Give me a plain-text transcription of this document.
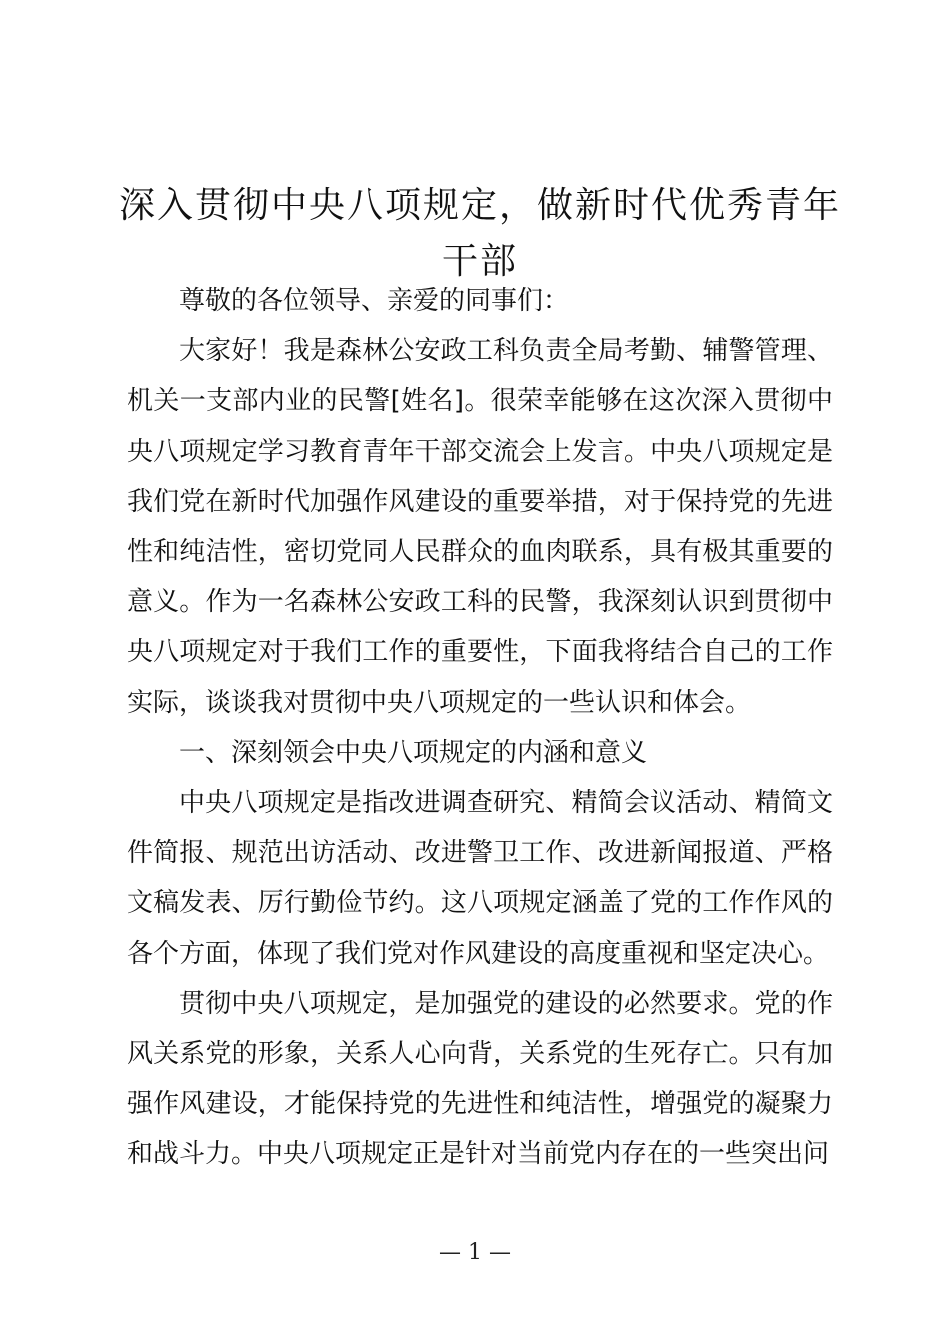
深入贯彻中央八项规定，做新时代优秀青年干部

尊敬的各位领导、亲爱的同事们：

大家好！我是森林公安政工科负责全局考勤、辅警管理、机关一支部内业的民警[姓名]。很荣幸能够在这次深入贯彻中央八项规定学习教育青年干部交流会上发言。中央八项规定是我们党在新时代加强作风建设的重要举措，对于保持党的先进性和纯洁性，密切党同人民群众的血肉联系，具有极其重要的意义。作为一名森林公安政工科的民警，我深刻认识到贯彻中央八项规定对于我们工作的重要性，下面我将结合自己的工作实际，谈谈我对贯彻中央八项规定的一些认识和体会。

一、深刻领会中央八项规定的内涵和意义

中央八项规定是指改进调查研究、精简会议活动、精简文件简报、规范出访活动、改进警卫工作、改进新闻报道、严格文稿发表、厉行勤俭节约。这八项规定涵盖了党的工作作风的各个方面，体现了我们党对作风建设的高度重视和坚定决心。

贯彻中央八项规定，是加强党的建设的必然要求。党的作风关系党的形象，关系人心向背，关系党的生死存亡。只有加强作风建设，才能保持党的先进性和纯洁性，增强党的凝聚力和战斗力。中央八项规定正是针对当前党内存在的一些突出问

— 1 —
